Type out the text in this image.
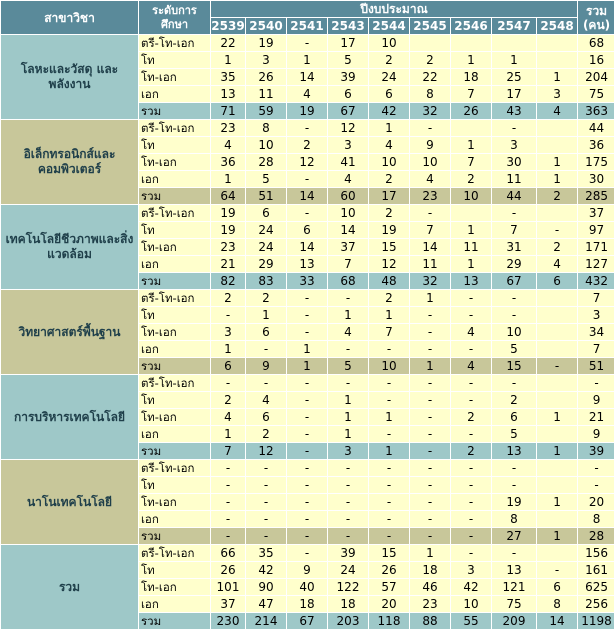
สาขาวิชา	ระดับการศึกษา	ปีงบประมาณ									รวม (คน)
		2539	2540	2541	2543	2544	2545	2546	2547	2548	
โลหะและวัสดุ และพลังงาน	ตรี-โท-เอก	22	19	-	17	10					68
	โท	1	3	1	5	2	2	1	1		16
	โท-เอก	35	26	14	39	24	22	18	25	1	204
	เอก	13	11	4	6	6	8	7	17	3	75
	รวม	71	59	19	67	42	32	26	43	4	363
อิเล็กทรอนิกส์และคอมพิวเตอร์	ตรี-โท-เอก	23	8	-	12	1	-		-		44
	โท	4	10	2	3	4	9	1	3		36
	โท-เอก	36	28	12	41	10	10	7	30	1	175
	เอก	1	5	-	4	2	4	2	11	1	30
	รวม	64	51	14	60	17	23	10	44	2	285
เทคโนโลยีชีวภาพและสิ่งแวดล้อม	ตรี-โท-เอก	19	6	-	10	2	-		-		37
	โท	19	24	6	14	19	7	1	7	-	97
	โท-เอก	23	24	14	37	15	14	11	31	2	171
	เอก	21	29	13	7	12	11	1	29	4	127
	รวม	82	83	33	68	48	32	13	67	6	432
วิทยาศาสตร์พื้นฐาน	ตรี-โท-เอก	2	2	-	-	2	1	-	-		7
	โท	-	1	-	1	1	-	-	-		3
	โท-เอก	3	6	-	4	7	-	4	10		34
	เอก	1	-	1	-	-	-	-	5		7
	รวม	6	9	1	5	10	1	4	15	-	51
การบริหารเทคโนโลยี	ตรี-โท-เอก	-	-	-	-	-	-	-	-		-
	โท	2	4	-	1	-	-	-	2		9
	โท-เอก	4	6	-	1	1	-	2	6	1	21
	เอก	1	2	-	1	-	-	-	5		9
	รวม	7	12	-	3	1	-	2	13	1	39
นาโนเทคโนโลยี	ตรี-โท-เอก	-	-	-	-	-	-	-	-		-
	โท	-	-	-	-	-	-	-	-		-
	โท-เอก	-	-	-	-	-	-	-	19	1	20
	เอก	-	-	-	-	-	-	-	8		8
	รวม	-	-	-	-	-	-	-	27	1	28
รวม	ตรี-โท-เอก	66	35	-	39	15	1	-	-		156
	โท	26	42	9	24	26	18	3	13	-	161
	โท-เอก	101	90	40	122	57	46	42	121	6	625
	เอก	37	47	18	18	20	23	10	75	8	256
	รวม	230	214	67	203	118	88	55	209	14	1198
